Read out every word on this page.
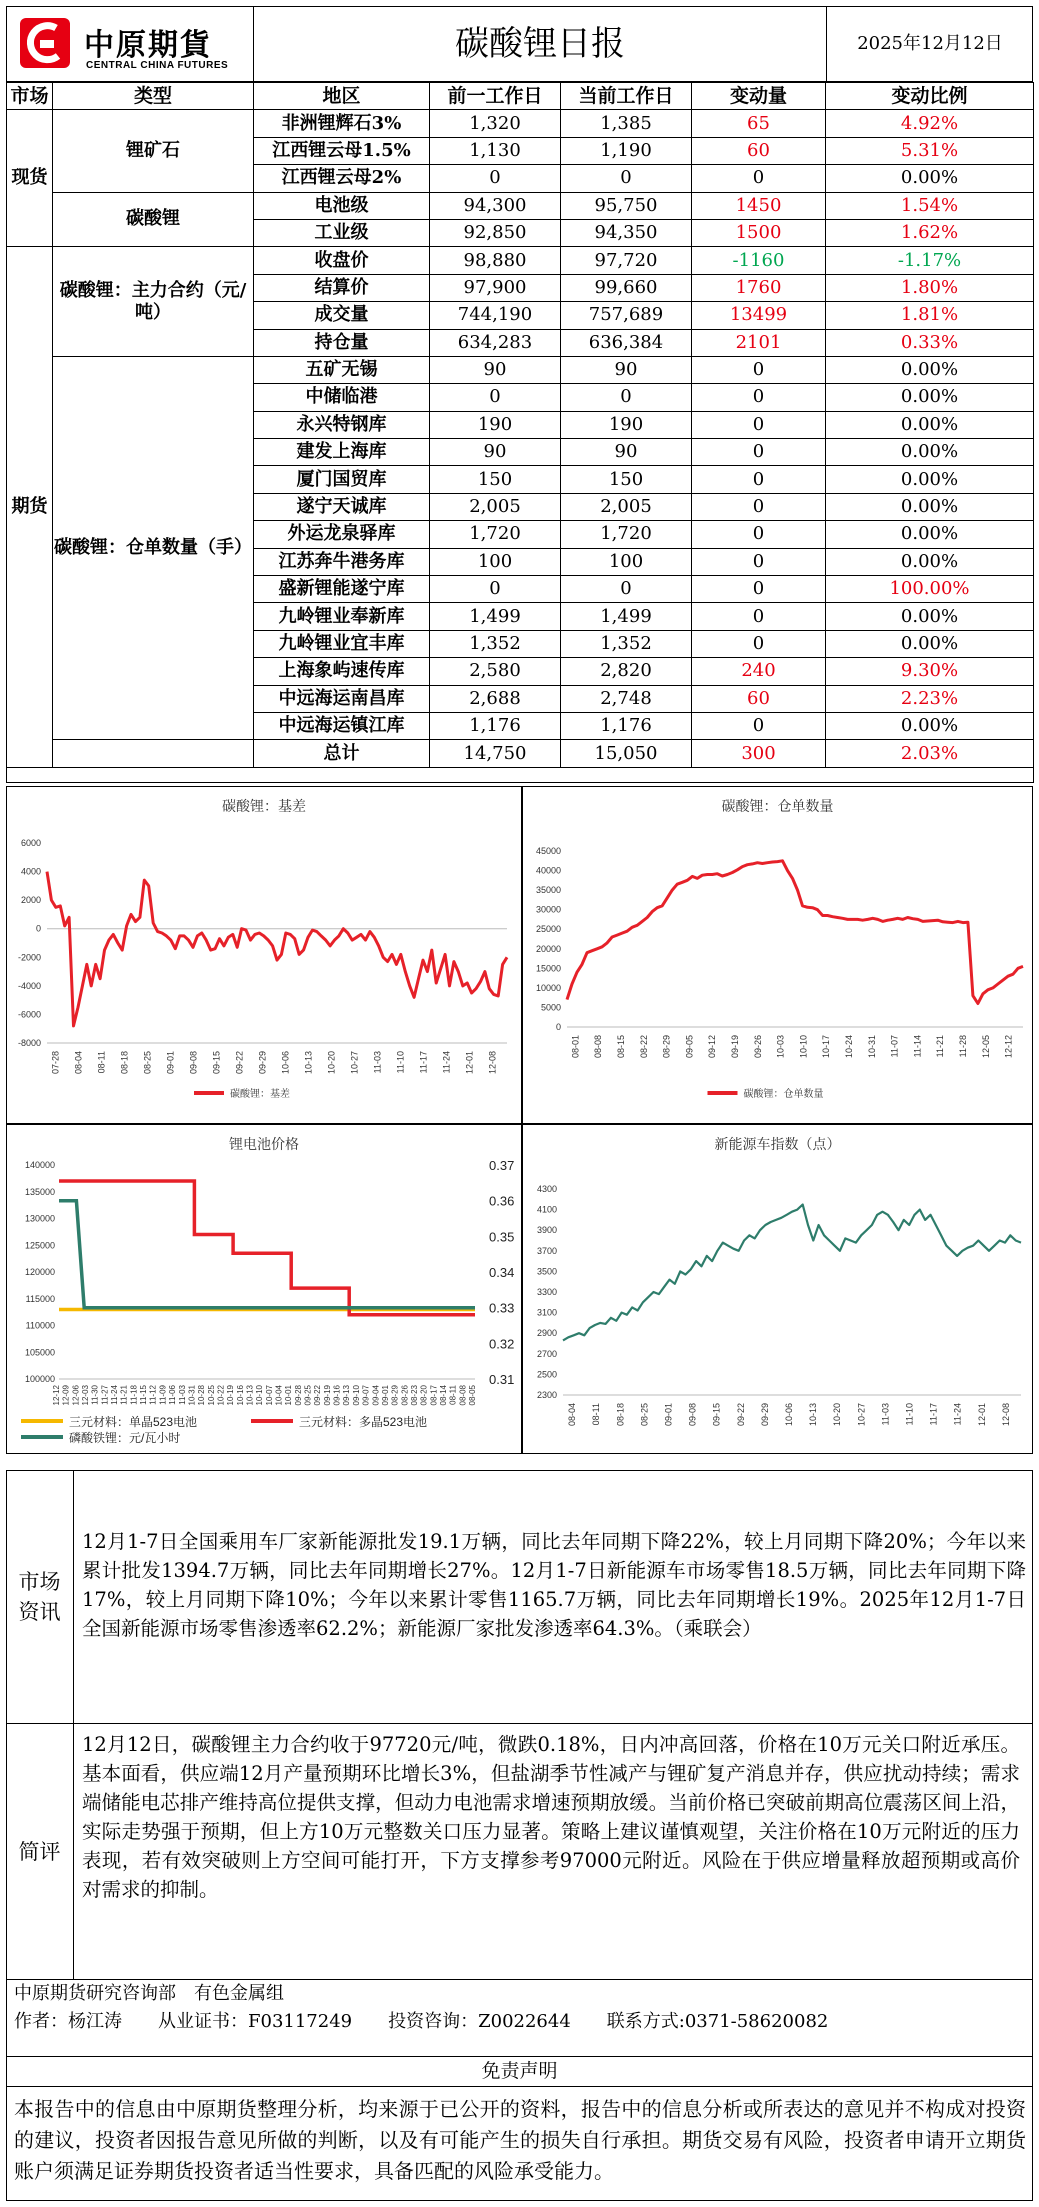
中原期貨
CENTRAL CHINA FUTURES
碳酸锂日报	2025年12月12日
市场	类型	地区	前一工作日	当前工作日	变动量	变动比例
现货	锂矿石	非洲锂辉石3%	1,320	1,385	65	4.92%
		江西锂云母1.5%	1,130	1,190	60	5.31%
		江西锂云母2%	0	0	0	0.00%
	碳酸锂	电池级	94,300	95,750	1450	1.54%
		工业级	92,850	94,350	1500	1.62%
期货	碳酸锂：主力合约（元/吨）	收盘价	98,880	97,720	-1160	-1.17%
		结算价	97,900	99,660	1760	1.80%
		成交量	744,190	757,689	13499	1.81%
		持仓量	634,283	636,384	2101	0.33%
	碳酸锂：仓单数量（手）	五矿无锡	90	90	0	0.00%
		中储临港	0	0	0	0.00%
		永兴特钢库	190	190	0	0.00%
		建发上海库	90	90	0	0.00%
		厦门国贸库	150	150	0	0.00%
		遂宁天诚库	2,005	2,005	0	0.00%
		外运龙泉驿库	1,720	1,720	0	0.00%
		江苏奔牛港务库	100	100	0	0.00%
		盛新锂能遂宁库	0	0	0	100.00%
		九岭锂业奉新库	1,499	1,499	0	0.00%
		九岭锂业宜丰库	1,352	1,352	0	0.00%
		上海象屿速传库	2,580	2,820	240	9.30%
		中远海运南昌库	2,688	2,748	60	2.23%
		中远海运镇江库	1,176	1,176	0	0.00%
		总计	14,750	15,050	300	2.03%

碳酸锂：基差
6000
4000
2000
0
-2000
-4000
-6000
-8000
07-28 08-04 08-11 08-18 08-25 09-01 09-08 09-15 09-22 09-29 10-06 10-13 10-20 10-27 11-03 11-10 11-17 11-24 12-01 12-08
碳酸锂：基差
碳酸锂：仓单数量
45000
40000
35000
30000
25000
20000
15000
10000
5000
0
08-01 08-08 08-15 08-22 08-29 09-05 09-12 09-19 09-26 10-03 10-10 10-17 10-24 10-31 11-07 11-14 11-21 11-28 12-05 12-12
碳酸锂：仓单数量
锂电池价格
140000
135000
130000
125000
120000
115000
110000
105000
100000
0.37
0.36
0.35
0.34
0.33
0.32
0.31
12-12 12-09 12-06 12-03 11-30 11-27 11-24 11-21 11-18 11-15 11-12 11-09 11-06 11-03 10-31 10-28 10-25 10-22 10-19 10-16 10-13 10-10 10-07 10-04 10-01 09-28 09-25 09-22 09-19 09-16 09-13 09-10 09-07 09-04 09-01 08-29 08-26 08-23 08-20 08-17 08-14 08-11 08-08 08-05
三元材料：单晶523电池	三元材料：多晶523电池
磷酸铁锂：元/瓦小时
新能源车指数（点）
4300
4100
3900
3700
3500
3300
3100
2900
2700
2500
2300
08-04 08-11 08-18 08-25 09-01 09-08 09-15 09-22 09-29 10-06 10-13 10-20 10-27 11-03 11-10 11-17 11-24 12-01 12-08
市场资讯
12月1-7日全国乘用车厂家新能源批发19.1万辆，同比去年同期下降22%，较上月同期下降20%；今年以来累计批发1394.7万辆，同比去年同期增长27%。12月1-7日新能源车市场零售18.5万辆，同比去年同期下降17%，较上月同期下降10%；今年以来累计零售1165.7万辆，同比去年同期增长19%。2025年12月1-7日全国新能源市场零售渗透率62.2%；新能源厂家批发渗透率64.3%。（乘联会）
简评
12月12日，碳酸锂主力合约收于97720元/吨，微跌0.18%，日内冲高回落，价格在10万元关口附近承压。基本面看，供应端12月产量预期环比增长3%，但盐湖季节性减产与锂矿复产消息并存，供应扰动持续；需求端储能电芯排产维持高位提供支撑，但动力电池需求增速预期放缓。当前价格已突破前期高位震荡区间上沿，实际走势强于预期，但上方10万元整数关口压力显著。策略上建议谨慎观望，关注价格在10万元附近的压力表现，若有效突破则上方空间可能打开，下方支撑参考97000元附近。风险在于供应增量释放超预期或高价对需求的抑制。
中原期货研究咨询部　有色金属组
作者：杨江涛　　从业证书：F03117249　　投资咨询：Z0022644　　联系方式:0371-58620082
免责声明
本报告中的信息由中原期货整理分析，均来源于已公开的资料，报告中的信息分析或所表达的意见并不构成对投资的建议，投资者因报告意见所做的判断，以及有可能产生的损失自行承担。期货交易有风险，投资者申请开立期货账户须满足证券期货投资者适当性要求，具备匹配的风险承受能力。
